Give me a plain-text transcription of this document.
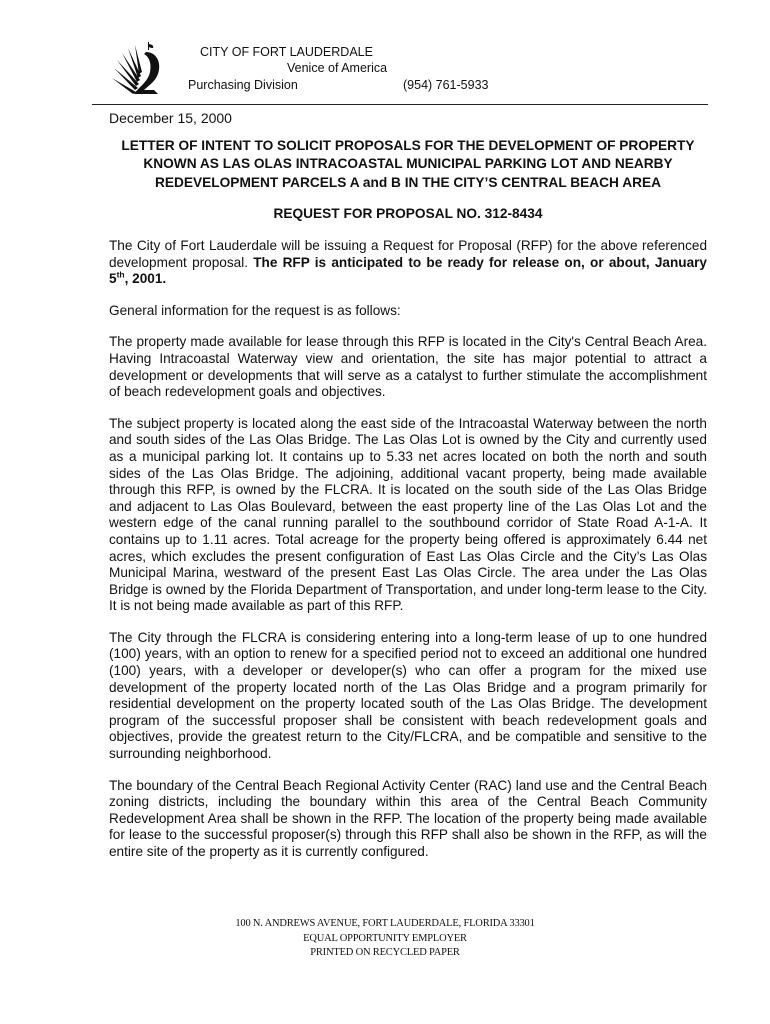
CITY OF FORT LAUDERDALE
Venice of America
Purchasing Division	(954) 761-5933
December 15, 2000
LETTER OF INTENT TO SOLICIT PROPOSALS FOR THE DEVELOPMENT OF PROPERTY
KNOWN AS LAS OLAS INTRACOASTAL MUNICIPAL PARKING LOT AND NEARBY
REDEVELOPMENT PARCELS A and B IN THE CITY’S CENTRAL BEACH AREA
REQUEST FOR PROPOSAL NO. 312-8434

The City of Fort Lauderdale will be issuing a Request for Proposal (RFP) for the above referenced development proposal. The RFP is anticipated to be ready for release on, or about, January 5th, 2001.

General information for the request is as follows:

The property made available for lease through this RFP is located in the City's Central Beach Area. Having Intracoastal Waterway view and orientation, the site has major potential to attract a development or developments that will serve as a catalyst to further stimulate the accomplishment of beach redevelopment goals and objectives.

The subject property is located along the east side of the Intracoastal Waterway between the north and south sides of the Las Olas Bridge. The Las Olas Lot is owned by the City and currently used as a municipal parking lot. It contains up to 5.33 net acres located on both the north and south sides of the Las Olas Bridge. The adjoining, additional vacant property, being made available through this RFP, is owned by the FLCRA. It is located on the south side of the Las Olas Bridge and adjacent to Las Olas Boulevard, between the east property line of the Las Olas Lot and the western edge of the canal running parallel to the southbound corridor of State Road A-1-A. It contains up to 1.11 acres. Total acreage for the property being offered is approximately 6.44 net acres, which excludes the present configuration of East Las Olas Circle and the City’s Las Olas Municipal Marina, westward of the present East Las Olas Circle. The area under the Las Olas Bridge is owned by the Florida Department of Transportation, and under long-term lease to the City. It is not being made available as part of this RFP.

The City through the FLCRA is considering entering into a long-term lease of up to one hundred (100) years, with an option to renew for a specified period not to exceed an additional one hundred (100) years, with a developer or developer(s) who can offer a program for the mixed use development of the property located north of the Las Olas Bridge and a program primarily for residential development on the property located south of the Las Olas Bridge. The development program of the successful proposer shall be consistent with beach redevelopment goals and objectives, provide the greatest return to the City/FLCRA, and be compatible and sensitive to the surrounding neighborhood.

The boundary of the Central Beach Regional Activity Center (RAC) land use and the Central Beach zoning districts, including the boundary within this area of the Central Beach Community Redevelopment Area shall be shown in the RFP. The location of the property being made available for lease to the successful proposer(s) through this RFP shall also be shown in the RFP, as will the entire site of the property as it is currently configured.

100 N. ANDREWS AVENUE, FORT LAUDERDALE, FLORIDA 33301
EQUAL OPPORTUNITY EMPLOYER
PRINTED ON RECYCLED PAPER
